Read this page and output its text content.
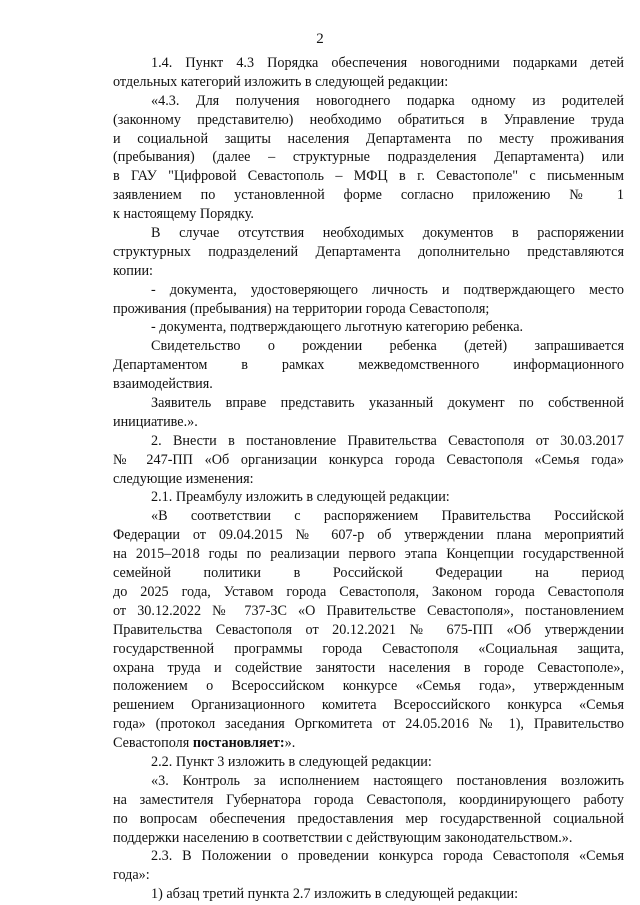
2
1.4. Пункт 4.3 Порядка обеспечения новогодними подарками детей
отдельных категорий изложить в следующей редакции:
«4.3. Для получения новогоднего подарка одному из родителей
(законному представителю) необходимо обратиться в Управление труда
и социальной защиты населения Департамента по месту проживания
(пребывания) (далее – структурные подразделения Департамента) или
в ГАУ "Цифровой Севастополь – МФЦ в г. Севастополе" с письменным
заявлением по установленной форме согласно приложению № 1
к настоящему Порядку.
В случае отсутствия необходимых документов в распоряжении
структурных подразделений Департамента дополнительно представляются
копии:
- документа, удостоверяющего личность и подтверждающего место
проживания (пребывания) на территории города Севастополя;
- документа, подтверждающего льготную категорию ребенка.
Свидетельство о рождении ребенка (детей) запрашивается
Департаментом в рамках межведомственного информационного
взаимодействия.
Заявитель вправе представить указанный документ по собственной
инициативе.».
2. Внести в постановление Правительства Севастополя от 30.03.2017
№ 247-ПП «Об организации конкурса города Севастополя «Семья года»
следующие изменения:
2.1. Преамбулу изложить в следующей редакции:
«В соответствии с распоряжением Правительства Российской
Федерации от 09.04.2015 № 607-р об утверждении плана мероприятий
на 2015–2018 годы по реализации первого этапа Концепции государственной
семейной политики в Российской Федерации на период
до 2025 года, Уставом города Севастополя, Законом города Севастополя
от 30.12.2022 № 737-ЗС «О Правительстве Севастополя», постановлением
Правительства Севастополя от 20.12.2021 № 675-ПП «Об утверждении
государственной программы города Севастополя «Социальная защита,
охрана труда и содействие занятости населения в городе Севастополе»,
положением о Всероссийском конкурсе «Семья года», утвержденным
решением Организационного комитета Всероссийского конкурса «Семья
года» (протокол заседания Оргкомитета от 24.05.2016 № 1), Правительство
Севастополя постановляет:».
2.2. Пункт 3 изложить в следующей редакции:
«3. Контроль за исполнением настоящего постановления возложить
на заместителя Губернатора города Севастополя, координирующего работу
по вопросам обеспечения предоставления мер государственной социальной
поддержки населению в соответствии с действующим законодательством.».
2.3. В Положении о проведении конкурса города Севастополя «Семья
года»:
1) абзац третий пункта 2.7 изложить в следующей редакции:
